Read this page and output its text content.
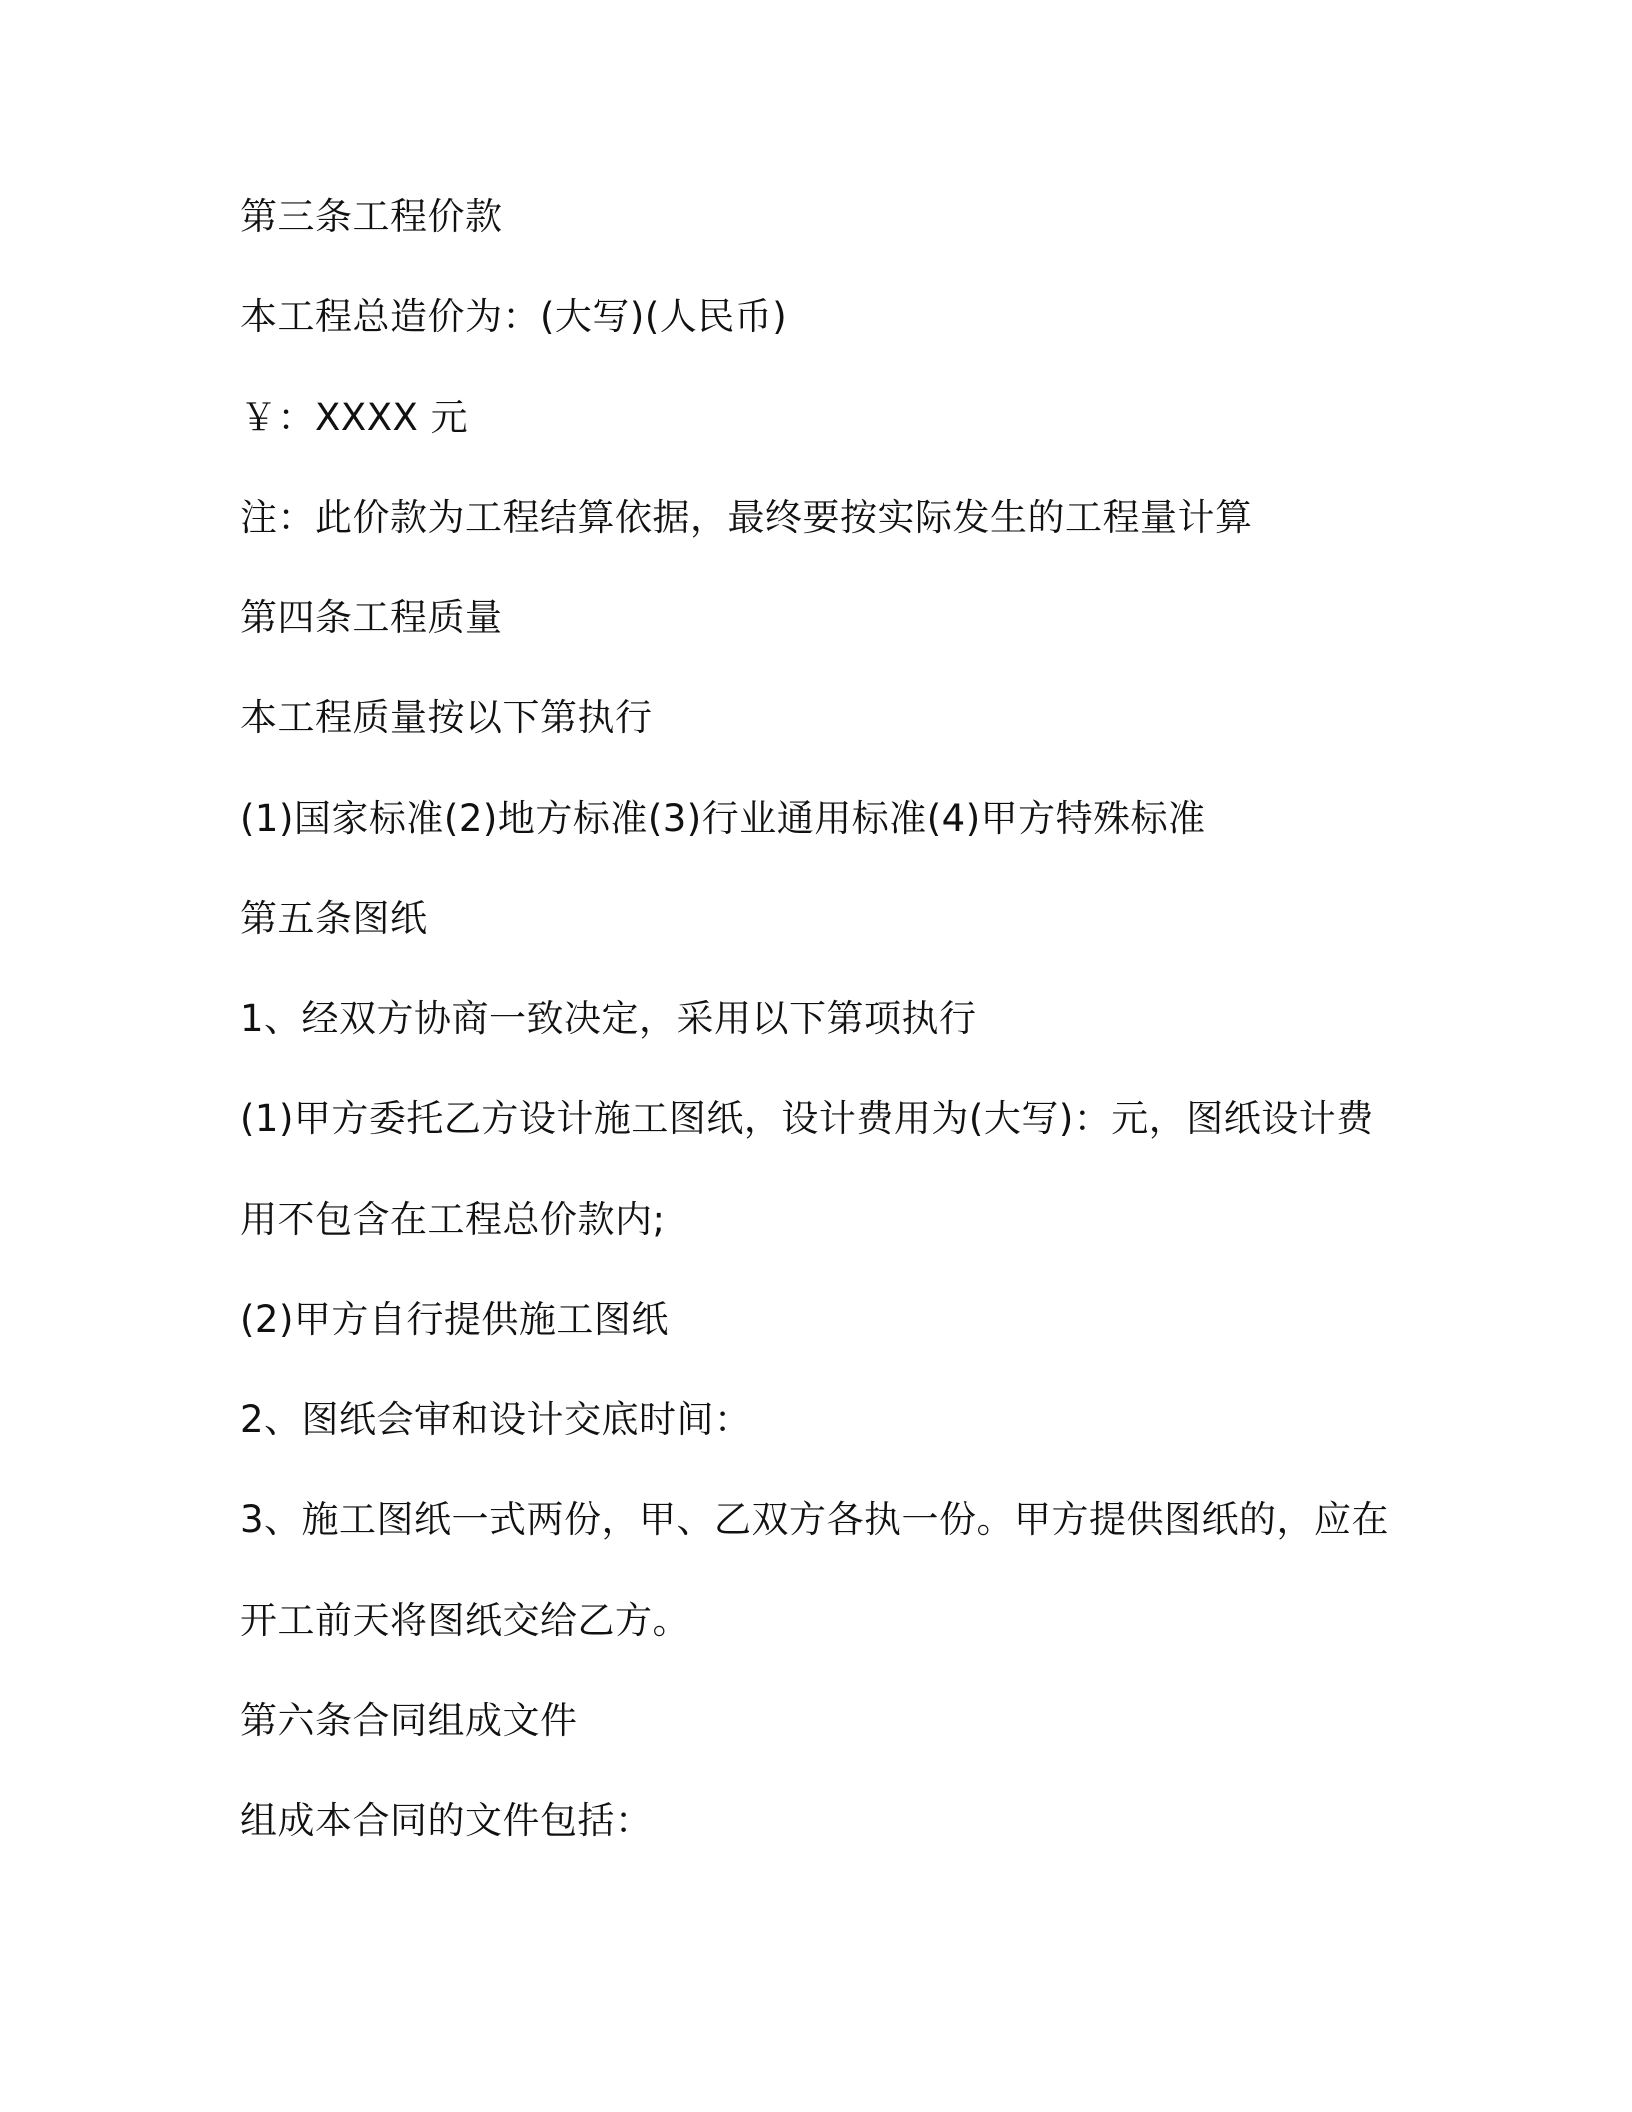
第三条工程价款
本工程总造价为：(大写)(人民币)
￥：XXXX 元
注：此价款为工程结算依据，最终要按实际发生的工程量计算
第四条工程质量
本工程质量按以下第执行
(1)国家标准(2)地方标准(3)行业通用标准(4)甲方特殊标准
第五条图纸
1、经双方协商一致决定，采用以下第项执行
(1)甲方委托乙方设计施工图纸，设计费用为(大写)：元，图纸设计费
用不包含在工程总价款内;
(2)甲方自行提供施工图纸
2、图纸会审和设计交底时间：
3、施工图纸一式两份，甲、乙双方各执一份。甲方提供图纸的，应在
开工前天将图纸交给乙方。
第六条合同组成文件
组成本合同的文件包括：
